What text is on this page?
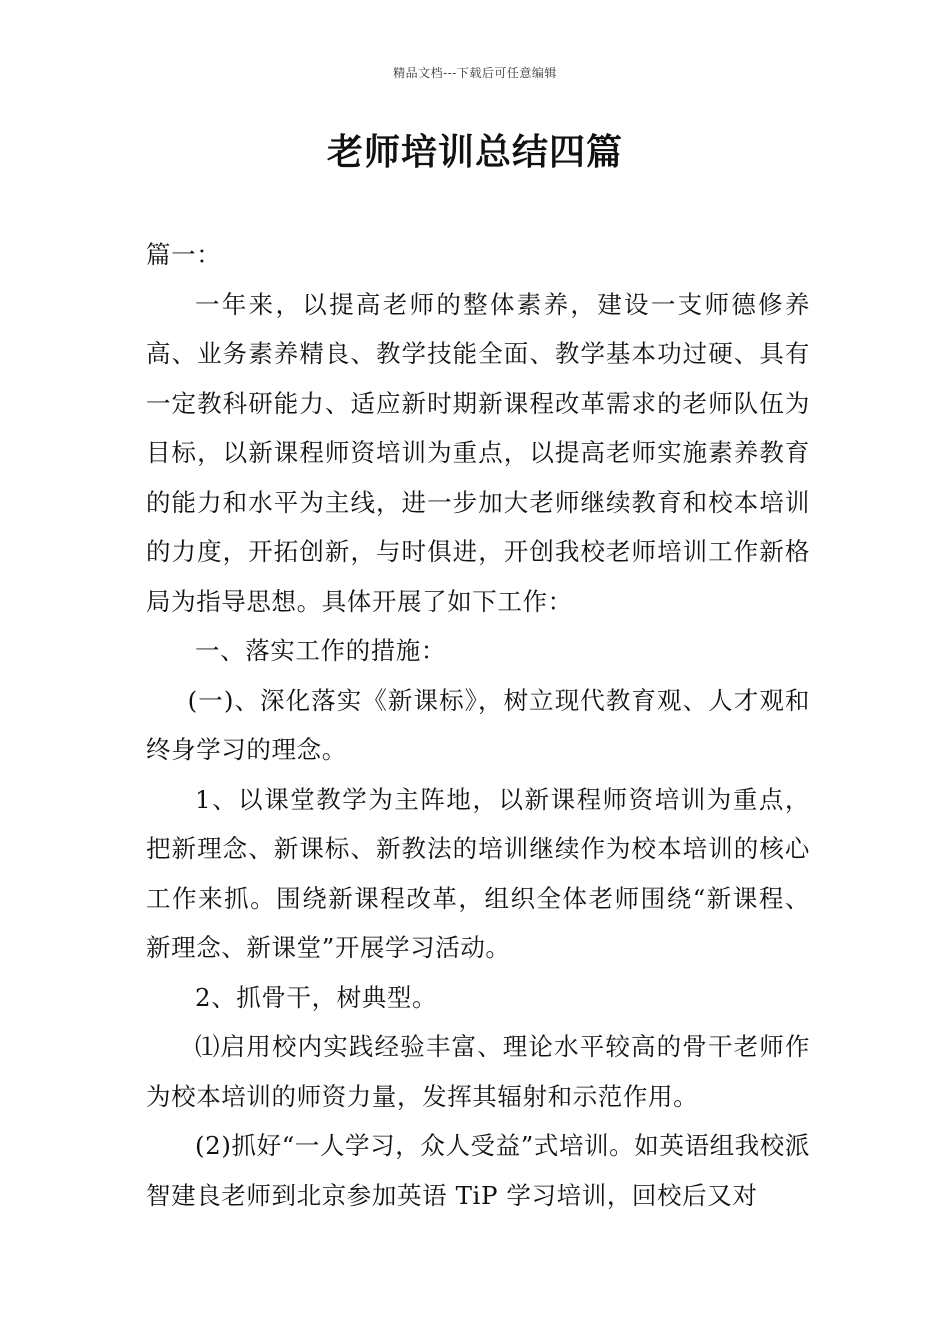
精品文档---下载后可任意编辑
老师培训总结四篇

篇一：

一年来，以提高老师的整体素养，建设一支师德修养高、业务素养精良、教学技能全面、教学基本功过硬、具有一定教科研能力、适应新时期新课程改革需求的老师队伍为目标，以新课程师资培训为重点，以提高老师实施素养教育的能力和水平为主线，进一步加大老师继续教育和校本培训的力度，开拓创新，与时俱进，开创我校老师培训工作新格局为指导思想。具体开展了如下工作：

一、落实工作的措施：

(一)、深化落实《新课标》，树立现代教育观、人才观和终身学习的理念。

1、以课堂教学为主阵地，以新课程师资培训为重点，把新理念、新课标、新教法的培训继续作为校本培训的核心工作来抓。围绕新课程改革，组织全体老师围绕“新课程、新理念、新课堂”开展学习活动。

2、抓骨干，树典型。

⑴启用校内实践经验丰富、理论水平较高的骨干老师作为校本培训的师资力量，发挥其辐射和示范作用。

(2)抓好“一人学习，众人受益”式培训。如英语组我校派智建良老师到北京参加英语 TiP 学习培训，回校后又对
